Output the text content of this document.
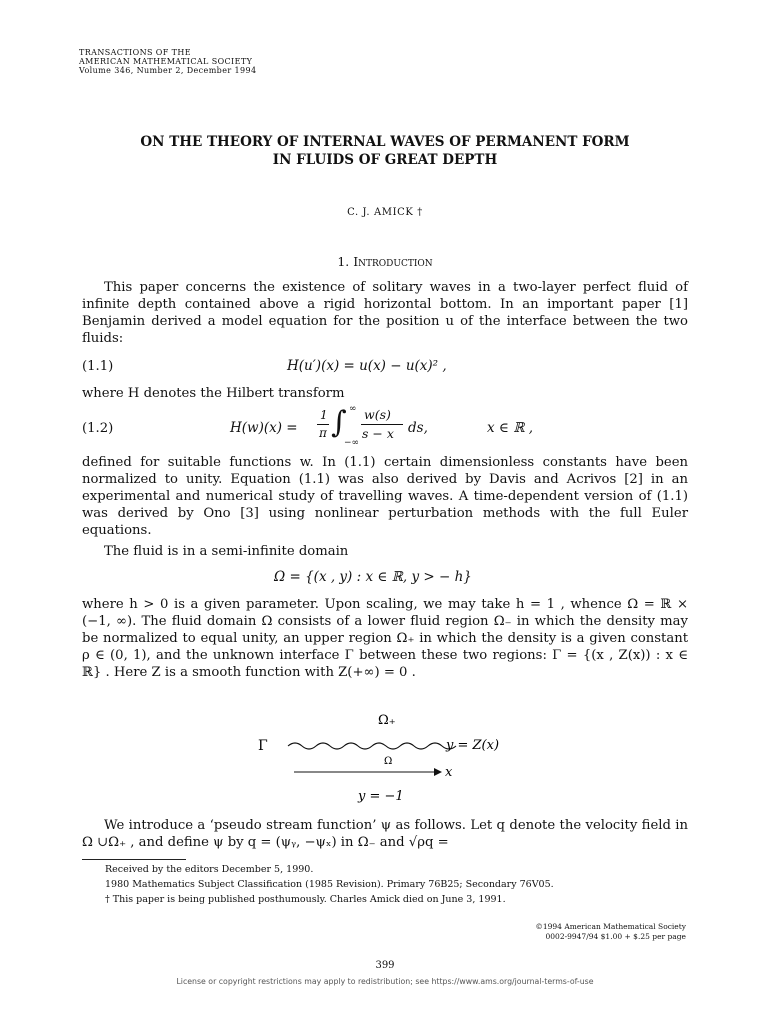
TRANSACTIONS OF THE
AMERICAN MATHEMATICAL SOCIETY
Volume 346, Number 2, December 1994
ON THE THEORY OF INTERNAL WAVES OF PERMANENT FORM
IN FLUIDS OF GREAT DEPTH
C. J. AMICK †
1. Introduction
This paper concerns the existence of solitary waves in a two-layer perfect fluid of infinite depth contained above a rigid horizontal bottom. In an important paper [1] Benjamin derived a model equation for the position u of the interface between the two fluids:
(1.1)	H(u′)(x) = u(x) − u(x)² ,
where H denotes the Hilbert transform
(1.2)	H(w)(x) =
1
π ∫ ∞
−∞
w(s)
s − x ds,	x ∈ ℝ ,
defined for suitable functions w. In (1.1) certain dimensionless constants have been normalized to unity. Equation (1.1) was also derived by Davis and Acrivos [2] in an experimental and numerical study of travelling waves. A time-dependent version of (1.1) was derived by Ono [3] using nonlinear perturbation methods with the full Euler equations.
The fluid is in a semi-infinite domain
Ω = {(x , y) : x ∈ ℝ, y > − h}
where h > 0 is a given parameter. Upon scaling, we may take h = 1 , whence Ω = ℝ × (−1, ∞). The fluid domain Ω consists of a lower fluid region Ω₋ in which the density may be normalized to equal unity, an upper region Ω₊ in which the density is a given constant ρ ∈ (0, 1), and the unknown interface Γ between these two regions: Γ = {(x , Z(x)) : x ∈ ℝ} . Here Z is a smooth function with Z(+∞) = 0 .
Ω₊
Γ	y = Z(x)
Ω
x
y = −1
We introduce a ‘pseudo stream function’ ψ as follows. Let q denote the velocity field in Ω ∪Ω₊ , and define ψ by q = (ψᵧ, −ψₓ) in Ω₋ and √ρq =
Received by the editors December 5, 1990.
1980 Mathematics Subject Classification (1985 Revision). Primary 76B25; Secondary 76V05.
† This paper is being published posthumously. Charles Amick died on June 3, 1991.
©1994 American Mathematical Society
0002-9947/94 $1.00 + $.25 per page
399
License or copyright restrictions may apply to redistribution; see https://www.ams.org/journal-terms-of-use
